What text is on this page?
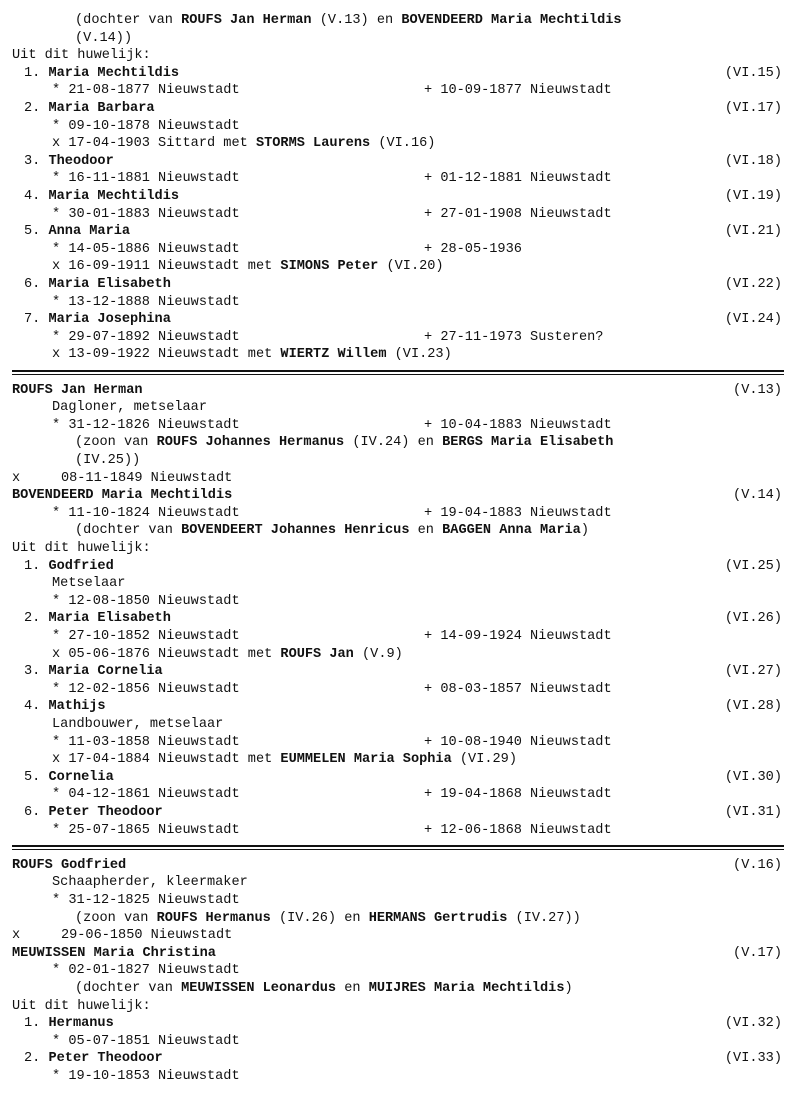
(dochter van ROUFS Jan Herman (V.13) en BOVENDEERD Maria Mechtildis
(V.14))
Uit dit huwelijk:
1. Maria Mechtildis	(VI.15)
* 21-08-1877 Nieuwstadt	+ 10-09-1877 Nieuwstadt
2. Maria Barbara	(VI.17)
* 09-10-1878 Nieuwstadt
x 17-04-1903 Sittard met STORMS Laurens (VI.16)
3. Theodoor	(VI.18)
* 16-11-1881 Nieuwstadt	+ 01-12-1881 Nieuwstadt
4. Maria Mechtildis	(VI.19)
* 30-01-1883 Nieuwstadt	+ 27-01-1908 Nieuwstadt
5. Anna Maria	(VI.21)
* 14-05-1886 Nieuwstadt	+ 28-05-1936
x 16-09-1911 Nieuwstadt met SIMONS Peter (VI.20)
6. Maria Elisabeth	(VI.22)
* 13-12-1888 Nieuwstadt
7. Maria Josephina	(VI.24)
* 29-07-1892 Nieuwstadt	+ 27-11-1973 Susteren?
x 13-09-1922 Nieuwstadt met WIERTZ Willem (VI.23)
ROUFS Jan Herman	(V.13)
Dagloner, metselaar
* 31-12-1826 Nieuwstadt	+ 10-04-1883 Nieuwstadt
(zoon van ROUFS Johannes Hermanus (IV.24) en BERGS Maria Elisabeth
(IV.25))
x     08-11-1849 Nieuwstadt
BOVENDEERD Maria Mechtildis	(V.14)
* 11-10-1824 Nieuwstadt	+ 19-04-1883 Nieuwstadt
(dochter van BOVENDEERT Johannes Henricus en BAGGEN Anna Maria)
Uit dit huwelijk:
1. Godfried	(VI.25)
Metselaar
* 12-08-1850 Nieuwstadt
2. Maria Elisabeth	(VI.26)
* 27-10-1852 Nieuwstadt	+ 14-09-1924 Nieuwstadt
x 05-06-1876 Nieuwstadt met ROUFS Jan (V.9)
3. Maria Cornelia	(VI.27)
* 12-02-1856 Nieuwstadt	+ 08-03-1857 Nieuwstadt
4. Mathijs	(VI.28)
Landbouwer, metselaar
* 11-03-1858 Nieuwstadt	+ 10-08-1940 Nieuwstadt
x 17-04-1884 Nieuwstadt met EUMMELEN Maria Sophia (VI.29)
5. Cornelia	(VI.30)
* 04-12-1861 Nieuwstadt	+ 19-04-1868 Nieuwstadt
6. Peter Theodoor	(VI.31)
* 25-07-1865 Nieuwstadt	+ 12-06-1868 Nieuwstadt
ROUFS Godfried	(V.16)
Schaapherder, kleermaker
* 31-12-1825 Nieuwstadt
(zoon van ROUFS Hermanus (IV.26) en HERMANS Gertrudis (IV.27))
x     29-06-1850 Nieuwstadt
MEUWISSEN Maria Christina	(V.17)
* 02-01-1827 Nieuwstadt
(dochter van MEUWISSEN Leonardus en MUIJRES Maria Mechtildis)
Uit dit huwelijk:
1. Hermanus	(VI.32)
* 05-07-1851 Nieuwstadt
2. Peter Theodoor	(VI.33)
* 19-10-1853 Nieuwstadt
